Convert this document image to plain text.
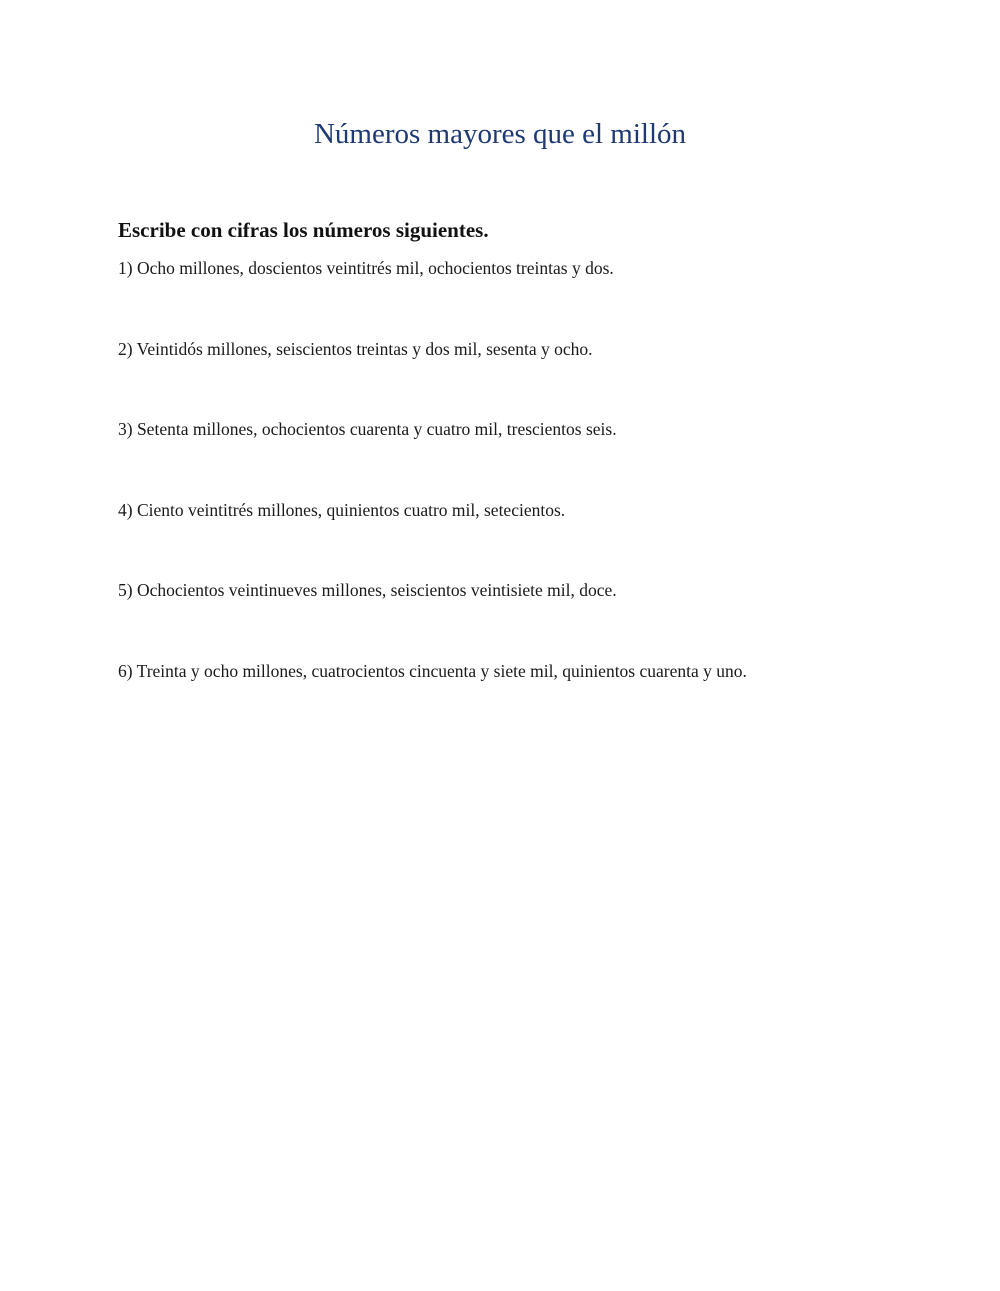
Números mayores que el millón

Escribe con cifras los números siguientes.

1) Ocho millones, doscientos veintitrés mil, ochocientos treintas y dos.
2) Veintidós millones, seiscientos treintas y dos mil, sesenta y ocho.
3) Setenta millones, ochocientos cuarenta y cuatro mil, trescientos seis.
4) Ciento veintitrés millones, quinientos cuatro mil, setecientos.
5) Ochocientos veintinueves millones, seiscientos veintisiete mil, doce.
6) Treinta y ocho millones, cuatrocientos cincuenta y siete mil, quinientos cuarenta y uno.
